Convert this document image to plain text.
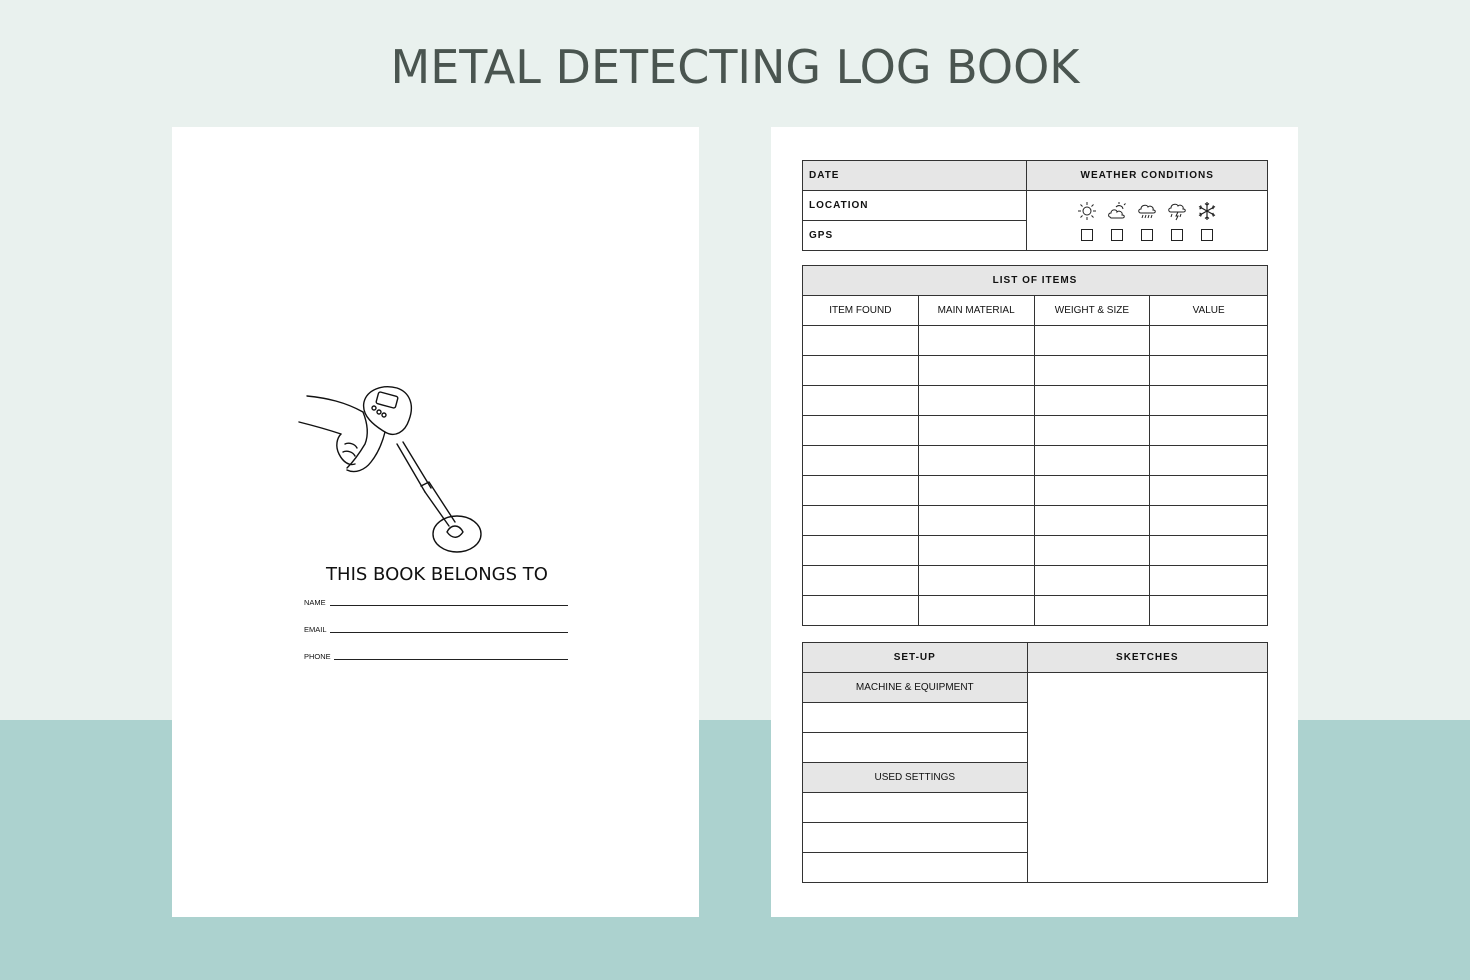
METAL DETECTING LOG BOOK
THIS BOOK BELONGS TO
NAME
EMAIL
PHONE
DATE	WEATHER CONDITIONS
LOCATION	

GPS	
LIST OF ITEMS			
ITEM FOUND	MAIN MATERIAL	WEIGHT & SIZE	VALUE

SET-UP	SKETCHES
MACHINE & EQUIPMENT	

USED SETTINGS	
